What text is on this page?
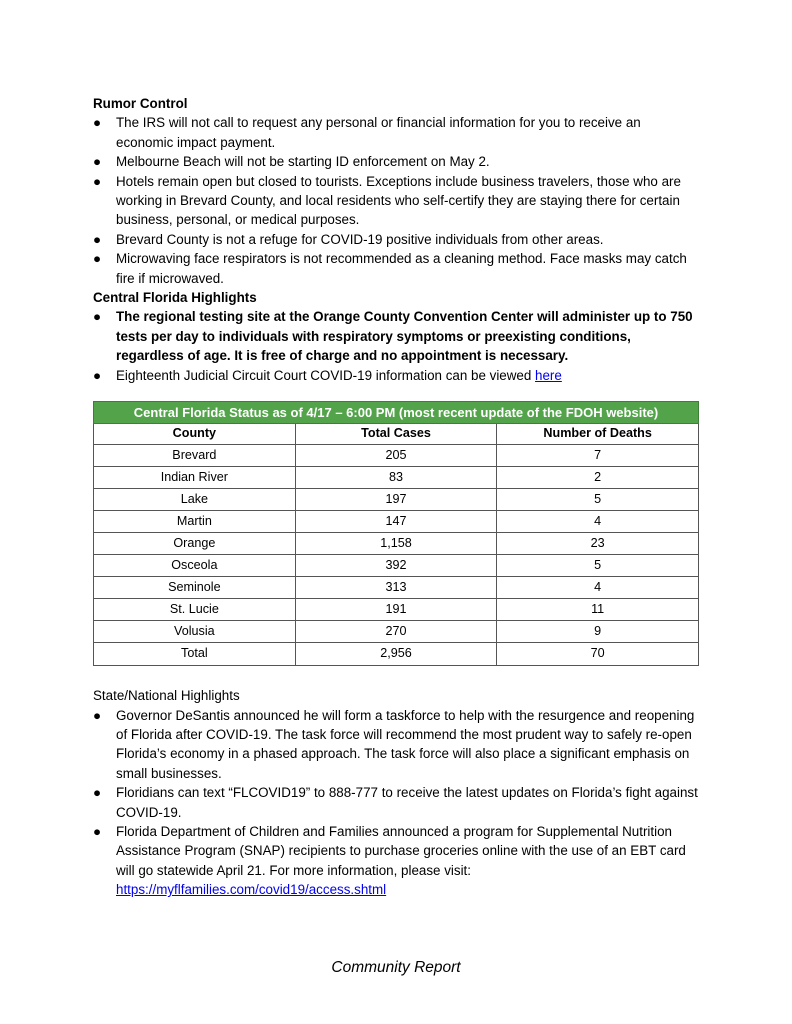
Rumor Control
● The IRS will not call to request any personal or financial information for you to receive an economic impact payment.
● Melbourne Beach will not be starting ID enforcement on May 2.
● Hotels remain open but closed to tourists. Exceptions include business travelers, those who are working in Brevard County, and local residents who self-certify they are staying there for certain business, personal, or medical purposes.
● Brevard County is not a refuge for COVID-19 positive individuals from other areas.
● Microwaving face respirators is not recommended as a cleaning method. Face masks may catch fire if microwaved.
Central Florida Highlights
● The regional testing site at the Orange County Convention Center will administer up to 750 tests per day to individuals with respiratory symptoms or preexisting conditions, regardless of age. It is free of charge and no appointment is necessary.
● Eighteenth Judicial Circuit Court COVID-19 information can be viewed here
Central Florida Status as of 4/17 – 6:00 PM (most recent update of the FDOH website)		
County	Total Cases	Number of Deaths
Brevard	205	7
Indian River	83	2
Lake	197	5
Martin	147	4
Orange	1,158	23
Osceola	392	5
Seminole	313	4
St. Lucie	191	11
Volusia	270	9
Total	2,956	70
State/National Highlights
● Governor DeSantis announced he will form a taskforce to help with the resurgence and reopening of Florida after COVID-19. The task force will recommend the most prudent way to safely re-open Florida’s economy in a phased approach. The task force will also place a significant emphasis on small businesses.
● Floridians can text “FLCOVID19” to 888-777 to receive the latest updates on Florida’s fight against COVID-19.
● Florida Department of Children and Families announced a program for Supplemental Nutrition Assistance Program (SNAP) recipients to purchase groceries online with the use of an EBT card will go statewide April 21. For more information, please visit: https://myflfamilies.com/covid19/access.shtml
Community Report
